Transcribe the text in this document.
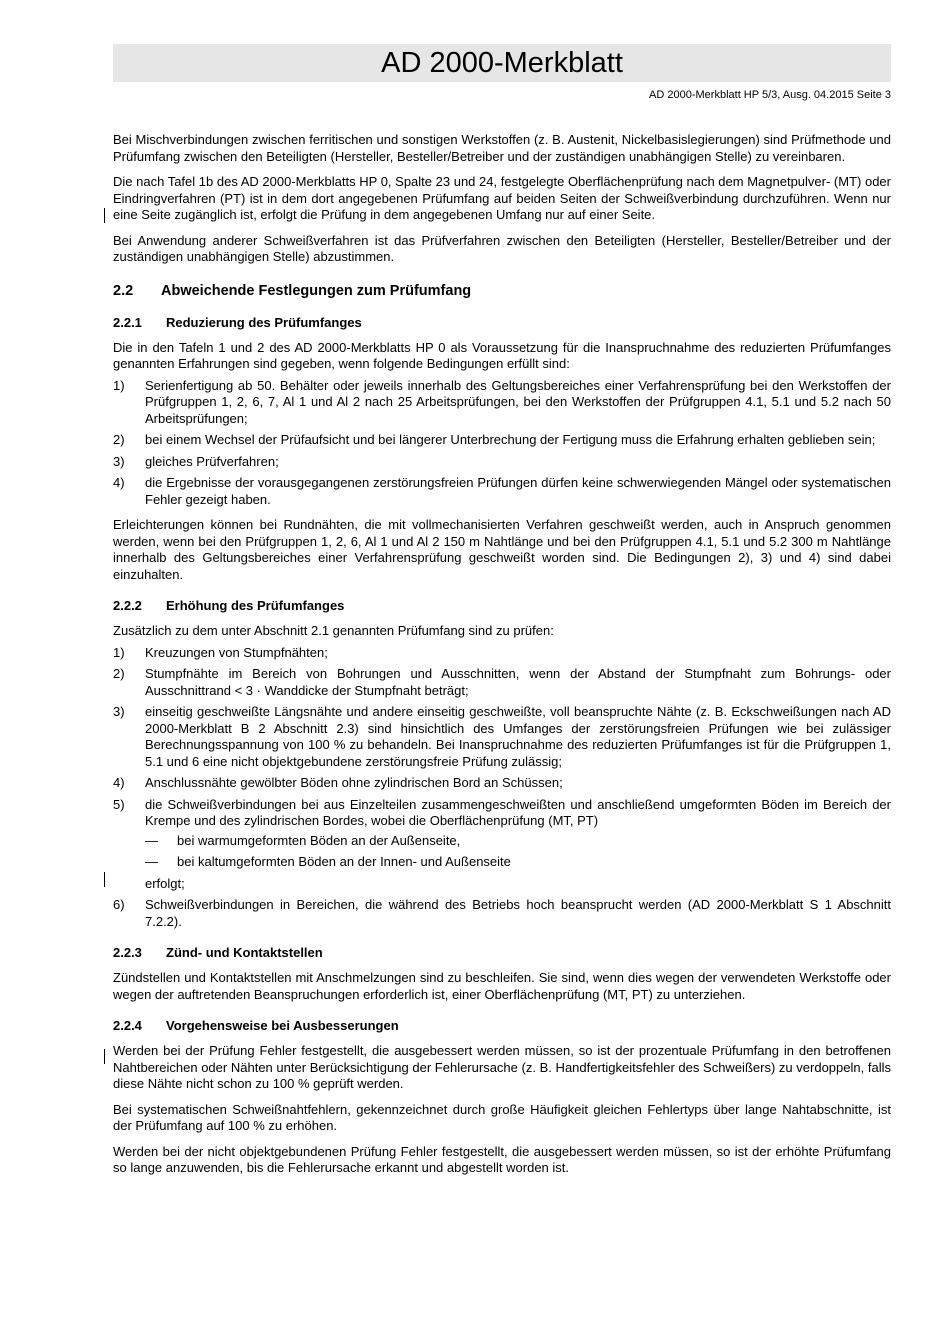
AD 2000-Merkblatt
AD 2000-Merkblatt HP 5/3, Ausg. 04.2015 Seite 3

Bei Mischverbindungen zwischen ferritischen und sonstigen Werkstoffen (z. B. Austenit, Nickelbasislegierungen) sind Prüfmethode und Prüfumfang zwischen den Beteiligten (Hersteller, Besteller/Betreiber und der zuständigen unabhängigen Stelle) zu vereinbaren.

Die nach Tafel 1b des AD 2000-Merkblatts HP 0, Spalte 23 und 24, festgelegte Oberflächenprüfung nach dem Magnetpulver- (MT) oder Eindringverfahren (PT) ist in dem dort angegebenen Prüfumfang auf beiden Seiten der Schweißverbindung durchzuführen. Wenn nur eine Seite zugänglich ist, erfolgt die Prüfung in dem angegebenen Umfang nur auf einer Seite.

Bei Anwendung anderer Schweißverfahren ist das Prüfverfahren zwischen den Beteiligten (Hersteller, Besteller/Betreiber und der zuständigen unabhängigen Stelle) abzustimmen.

2.2 Abweichende Festlegungen zum Prüfumfang
2.2.1 Reduzierung des Prüfumfanges

Die in den Tafeln 1 und 2 des AD 2000-Merkblatts HP 0 als Voraussetzung für die Inanspruchnahme des reduzierten Prüfumfanges genannten Erfahrungen sind gegeben, wenn folgende Bedingungen erfüllt sind:

1)	Serienfertigung ab 50. Behälter oder jeweils innerhalb des Geltungsbereiches einer Verfahrensprüfung bei den Werkstoffen der Prüfgruppen 1, 2, 6, 7, Al 1 und Al 2 nach 25 Arbeitsprüfungen, bei den Werkstoffen der Prüfgruppen 4.1, 5.1 und 5.2 nach 50 Arbeitsprüfungen;
2)	bei einem Wechsel der Prüfaufsicht und bei längerer Unterbrechung der Fertigung muss die Erfahrung erhalten geblieben sein;
3)	gleiches Prüfverfahren;
4)	die Ergebnisse der vorausgegangenen zerstörungsfreien Prüfungen dürfen keine schwerwiegenden Mängel oder systematischen Fehler gezeigt haben.

Erleichterungen können bei Rundnähten, die mit vollmechanisierten Verfahren geschweißt werden, auch in Anspruch genommen werden, wenn bei den Prüfgruppen 1, 2, 6, Al 1 und Al 2 150 m Nahtlänge und bei den Prüfgruppen 4.1, 5.1 und 5.2 300 m Nahtlänge innerhalb des Geltungsbereiches einer Verfahrensprüfung geschweißt worden sind. Die Bedingungen 2), 3) und 4) sind dabei einzuhalten.

2.2.2 Erhöhung des Prüfumfanges

Zusätzlich zu dem unter Abschnitt 2.1 genannten Prüfumfang sind zu prüfen:

1)	Kreuzungen von Stumpfnähten;
2)	Stumpfnähte im Bereich von Bohrungen und Ausschnitten, wenn der Abstand der Stumpfnaht zum Bohrungs- oder Ausschnittrand < 3 · Wanddicke der Stumpfnaht beträgt;
3)	einseitig geschweißte Längsnähte und andere einseitig geschweißte, voll beanspruchte Nähte (z. B. Eckschweißungen nach AD 2000-Merkblatt B 2 Abschnitt 2.3) sind hinsichtlich des Umfanges der zerstörungsfreien Prüfungen wie bei zulässiger Berechnungsspannung von 100 % zu behandeln. Bei Inanspruchnahme des reduzierten Prüfumfanges ist für die Prüfgruppen 1, 5.1 und 6 eine nicht objektgebundene zerstörungsfreie Prüfung zulässig;
4)	Anschlussnähte gewölbter Böden ohne zylindrischen Bord an Schüssen;
5)	die Schweißverbindungen bei aus Einzelteilen zusammengeschweißten und anschließend umgeformten Böden im Bereich der Krempe und des zylindrischen Bordes, wobei die Oberflächenprüfung (MT, PT)
—	bei warmumgeformten Böden an der Außenseite,
—	bei kaltumgeformten Böden an der Innen- und Außenseite
erfolgt;
6)	Schweißverbindungen in Bereichen, die während des Betriebs hoch beansprucht werden (AD 2000-Merkblatt S 1 Abschnitt 7.2.2).
2.2.3 Zünd- und Kontaktstellen

Zündstellen und Kontaktstellen mit Anschmelzungen sind zu beschleifen. Sie sind, wenn dies wegen der verwendeten Werkstoffe oder wegen der auftretenden Beanspruchungen erforderlich ist, einer Oberflächenprüfung (MT, PT) zu unterziehen.

2.2.4 Vorgehensweise bei Ausbesserungen

Werden bei der Prüfung Fehler festgestellt, die ausgebessert werden müssen, so ist der prozentuale Prüfumfang in den betroffenen Nahtbereichen oder Nähten unter Berücksichtigung der Fehlerursache (z. B. Handfertigkeitsfehler des Schweißers) zu verdoppeln, falls diese Nähte nicht schon zu 100 % geprüft werden.

Bei systematischen Schweißnahtfehlern, gekennzeichnet durch große Häufigkeit gleichen Fehlertyps über lange Nahtabschnitte, ist der Prüfumfang auf 100 % zu erhöhen.

Werden bei der nicht objektgebundenen Prüfung Fehler festgestellt, die ausgebessert werden müssen, so ist der erhöhte Prüfumfang so lange anzuwenden, bis die Fehlerursache erkannt und abgestellt worden ist.
